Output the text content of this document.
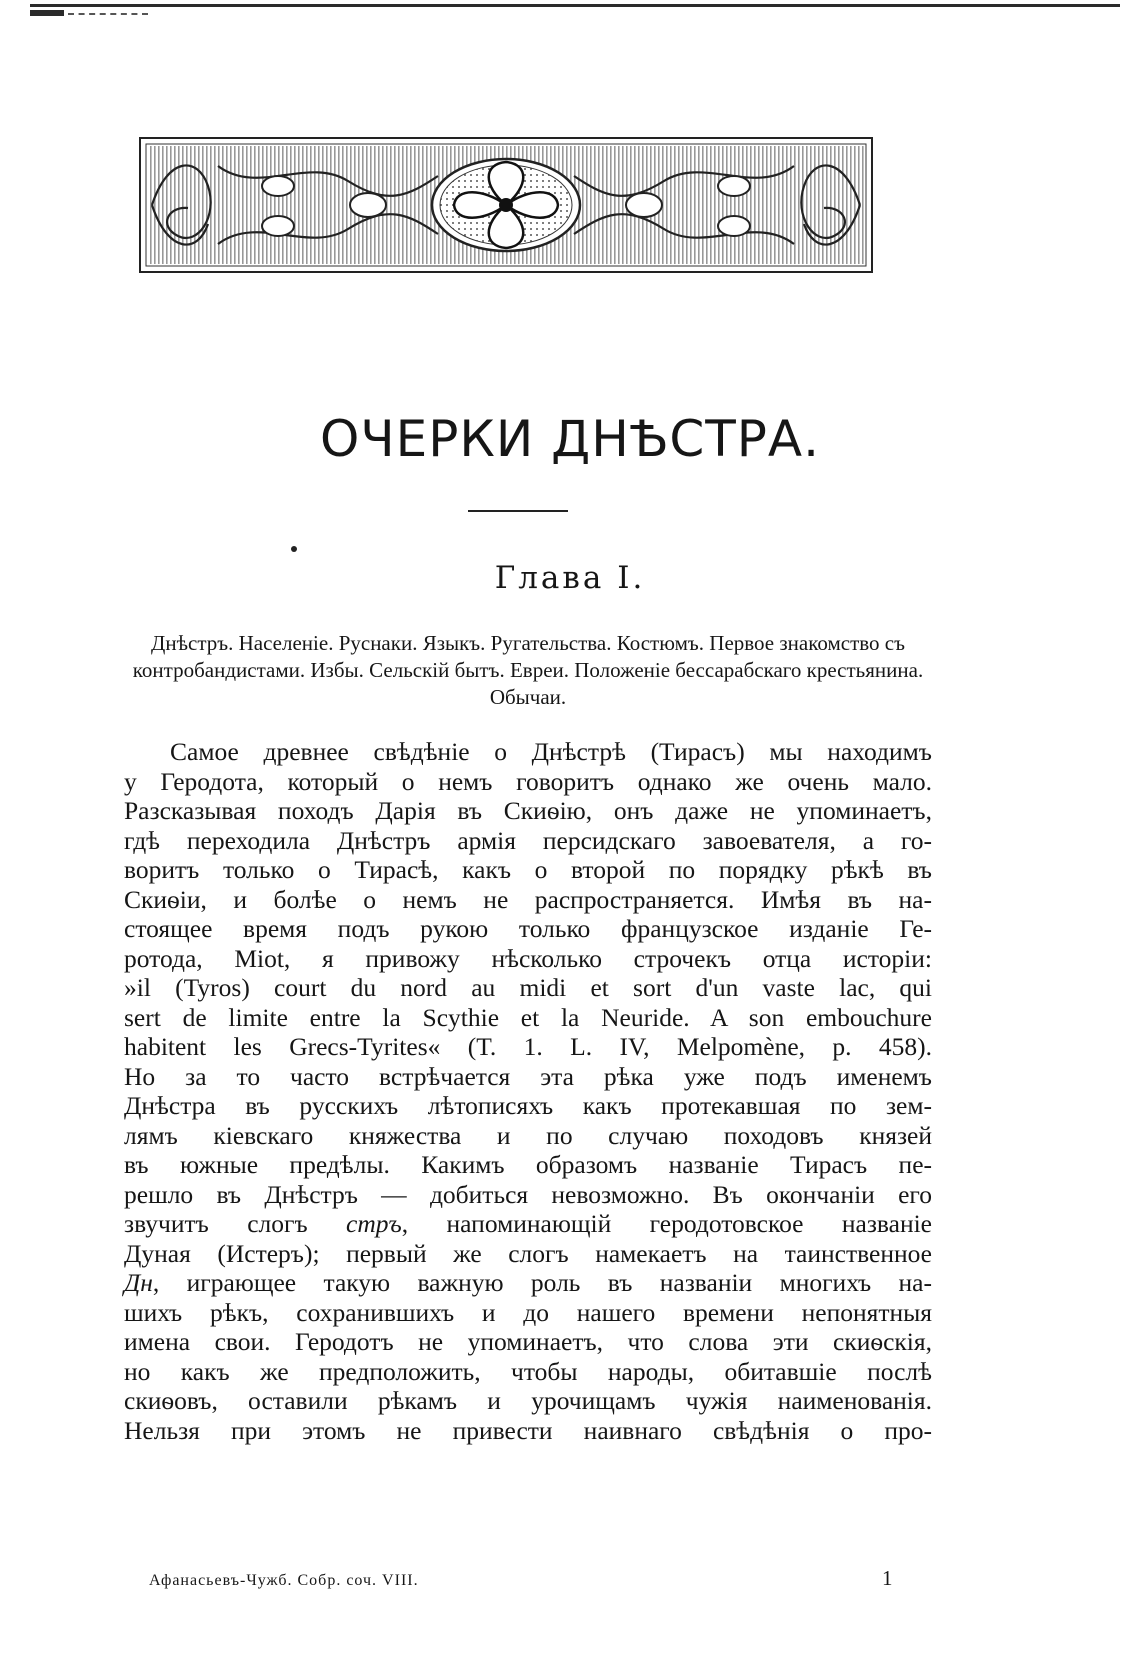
ОЧЕРКИ ДНѢСТРА.
Глава I.

Днѣстръ. Населеніе. Руснаки. Языкъ. Ругательства. Костюмъ. Первое знакомство съ контробандистами. Избы. Сельскій бытъ. Евреи. Положеніе бессарабскаго крестьянина. Обычаи.

Самое древнее свѣдѣніе о Днѣстрѣ (Тирасъ) мы находимъ
у Геродота, который о немъ говоритъ однако же очень мало.
Разсказывая походъ Дарія въ Скиѳію, онъ даже не упоминаетъ,
гдѣ переходила Днѣстръ армія персидскаго завоевателя, а го-
воритъ только о Тирасѣ, какъ о второй по порядку рѣкѣ въ
Скиѳіи, и болѣе о немъ не распространяется. Имѣя въ на-
стоящее время подъ рукою только французское изданіе Ге-
ротода, Miot, я привожу нѣсколько строчекъ отца исторіи:
»il (Tyros) court du nord au midi et sort d'un vaste lac, qui
sert de limite entre la Scythie et la Neuride. A son embouchure
habitent les Grecs-Tyrites« (T. 1. L. IV, Melpomène, p. 458).
Но за то часто встрѣчается эта рѣка уже подъ именемъ
Днѣстра въ русскихъ лѣтописяхъ какъ протекавшая по зем-
лямъ кіевскаго княжества и по случаю походовъ князей
въ южные предѣлы. Какимъ образомъ названіе Тирасъ пе-
решло въ Днѣстръ — добиться невозможно. Въ окончаніи его
звучитъ слогъ стръ, напоминающій геродотовское названіе
Дуная (Истеръ); первый же слогъ намекаетъ на таинственное
Дн, играющее такую важную роль въ названіи многихъ на-
шихъ рѣкъ, сохранившихъ и до нашего времени непонятныя
имена свои. Геродотъ не упоминаетъ, что слова эти скиѳскія,
но какъ же предположить, чтобы народы, обитавшіе послѣ
скиѳовъ, оставили рѣкамъ и урочищамъ чужія наименованія.
Нельзя при этомъ не привести наивнаго свѣдѣнія о про-
Афанасьевъ-Чужб. Собр. соч. VIII.	1
